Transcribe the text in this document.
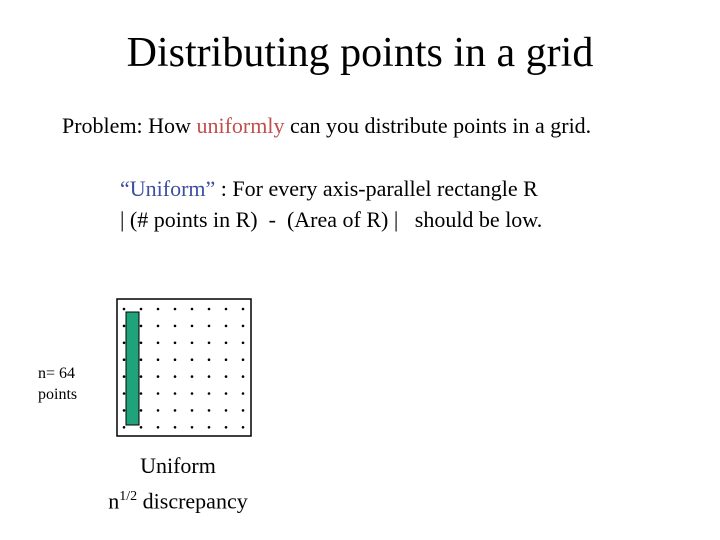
Distributing points in a grid
Problem: How uniformly can you distribute points in a grid.
“Uniform” : For every axis-parallel rectangle R
| (# points in R)  -  (Area of R) |   should be low.
n= 64
points
Uniform
$n^{1/2}$ discrepancy
